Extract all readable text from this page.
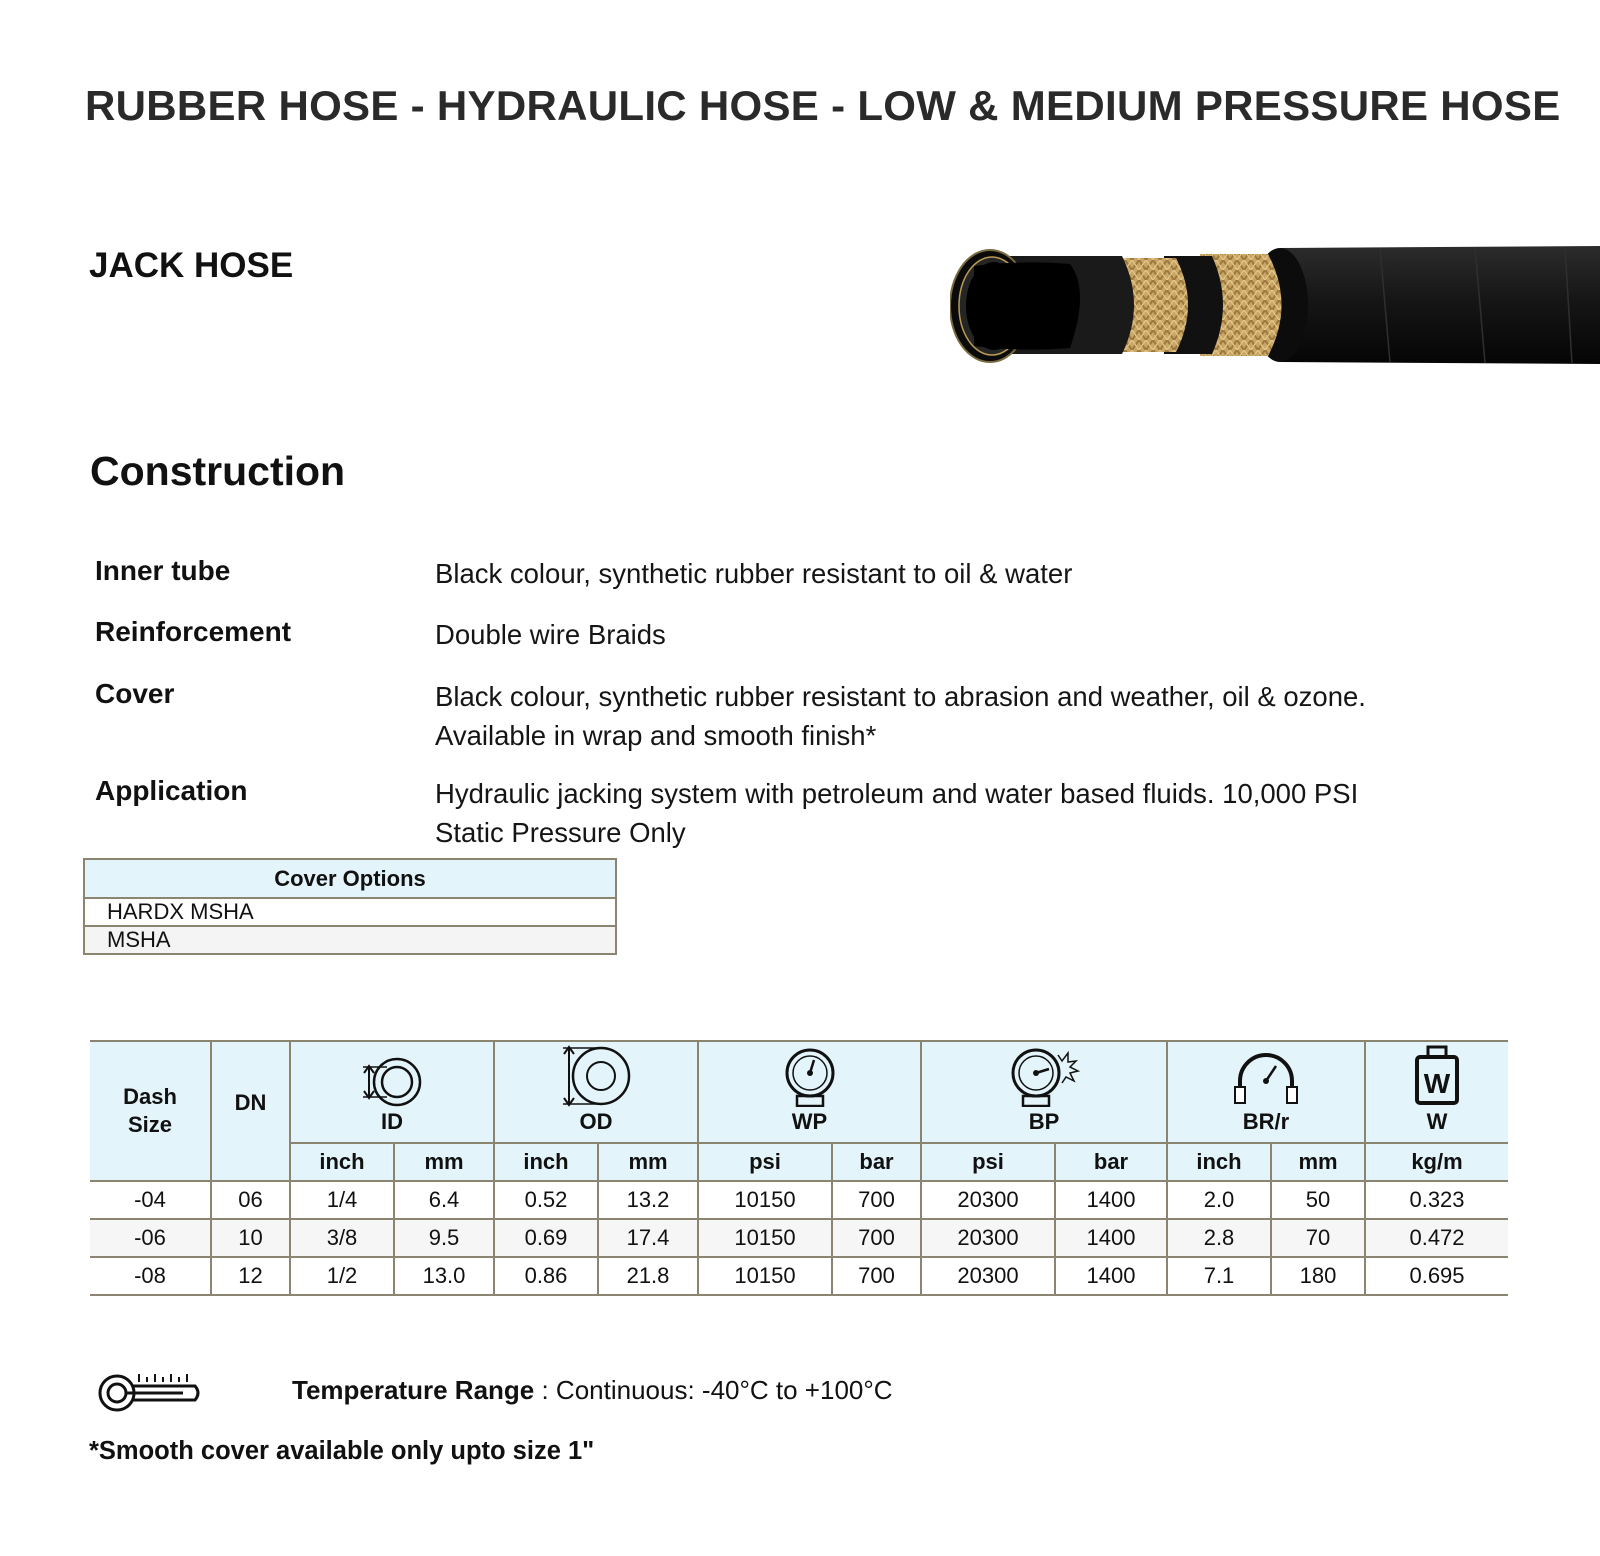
RUBBER HOSE - HYDRAULIC HOSE - LOW & MEDIUM PRESSURE HOSE
JACK HOSE
Construction
Inner tube	Black colour, synthetic rubber resistant to oil & water
Reinforcement	Double wire Braids
Cover	Black colour, synthetic rubber resistant to abrasion and weather, oil & ozone.
Available in wrap and smooth finish*
Application	Hydraulic jacking system with petroleum and water based fluids. 10,000 PSI
Static Pressure Only
Cover Options
HARDX MSHA
MSHA
Dash Size	DN	ID		OD		WP		BP		BR/r		W
W

		inch	mm	inch	mm	psi	bar	psi	bar	inch	mm	kg/m
-04	06	1/4	6.4	0.52	13.2	10150	700	20300	1400	2.0	50	0.323
-06	10	3/8	9.5	0.69	17.4	10150	700	20300	1400	2.8	70	0.472
-08	12	1/2	13.0	0.86	21.8	10150	700	20300	1400	7.1	180	0.695
Temperature Range : Continuous: -40°C to +100°C
*Smooth cover available only upto size 1"
